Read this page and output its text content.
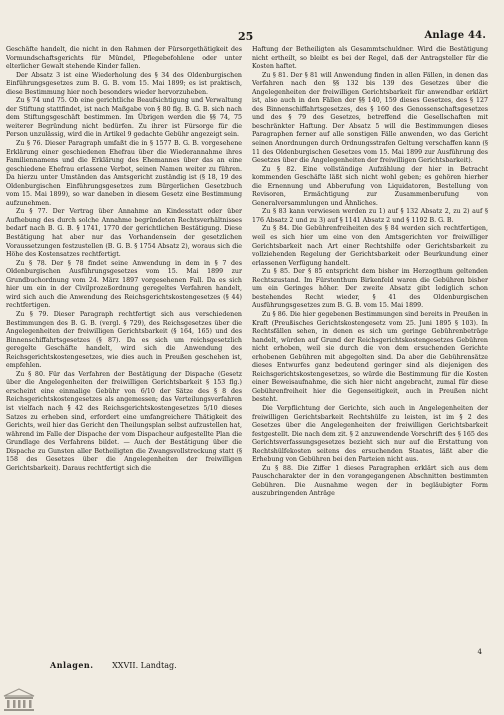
25	Anlage 44.

Geschäfte handelt, die nicht in den Rahmen der Fürsorgethätigkeit des Vormundschaftsgerichts für Mündel, Pflegebefohlene oder unter elterlicher Gewalt stehende Kinder fallen.

Der Absatz 3 ist eine Wiederholung des § 34 des Oldenburgischen Einführungsgesetzes zum B. G. B. vom 15. Mai 1899; es ist praktisch, diese Bestimmung hier noch besonders wieder hervorzuheben.

Zu § 74 und 75. Ob eine gerichtliche Beaufsichtigung und Verwaltung der Stiftung stattfindet, ist nach Maßgabe von § 80 flg. B. G. B. sich nach dem Stiftungsgeschäft bestimmen. Im Übrigen werden die §§ 74, 75 weiterer Begründung nicht bedürfen. Zu ihrer ist Fürsorge für die Person unzulässig, wird die in Artikel 9 gedachte Gebühr angezeigt sein.

Zu § 76. Dieser Paragraph umfaßt die in § 1577 B. G. B. vorgesehene Erklärung einer geschiedenen Ehefrau über die Wiederannahme ihres Familiennamens und die Erklärung des Ehemannes über das an eine geschiedene Ehefrau erlassene Verbot, seinen Namen weiter zu führen. Da hierzu unter Umständen das Amtsgericht zuständig ist (§ 18, 19 des Oldenburgischen Einführungsgesetzes zum Bürgerlichen Gesetzbuch vom 15. Mai 1899), so war daneben in diesem Gesetz eine Bestimmung aufzunehmen.

Zu § 77. Der Vertrag über Annahme an Kindesstatt oder über Aufhebung des durch solche Annahme begründeten Rechtsverhältnisses bedarf nach B. G. B. § 1741, 1770 der gerichtlichen Bestätigung. Diese Bestätigung hat aber nur das Vorhandensein der gesetzlichen Voraussetzungen festzustellen (B. G. B. § 1754 Absatz 2), woraus sich die Höhe des Kostensatzes rechtfertigt.

Zu § 78. Der § 78 findet seine Anwendung in dem in § 7 des Oldenburgischen Ausführungsgesetzes vom 15. Mai 1899 zur Grundbuchordnung vom 24. März 1897 vorgesehenen Fall. Da es sich hier um ein in der Civilprozeßordnung geregeltes Verfahren handelt, wird sich auch die Anwendung des Reichsgerichtskostengesetzes (§ 44) rechtfertigen.

Zu § 79. Dieser Paragraph rechtfertigt sich aus verschiedenen Bestimmungen des B. G. B. (vergl. § 729), des Reichsgesetzes über die Angelegenheiten der freiwilligen Gerichtsbarkeit (§ 164, 165) und des Binnenschiffahrtsgesetzes (§ 87). Da es sich um reichsgesetzlich geregelte Geschäfte handelt, wird sich die Anwendung des Reichsgerichtskostengesetzes, wie dies auch in Preußen geschehen ist, empfehlen.

Zu § 80. Für das Verfahren der Bestätigung der Dispache (Gesetz über die Angelegenheiten der freiwilligen Gerichtsbarkeit § 153 flg.) erscheint eine einmalige Gebühr von 6/10 der Sätze des § 8 des Reichsgerichtskostengesetzes als angemessen; das Verteilungsverfahren ist vielfach nach § 42 des Reichsgerichtskostengesetzes 5/10 dieses Satzes zu erheben sind, erfordert eine umfangreichere Thätigkeit des Gerichts, weil hier das Gericht den Theilungsplan selbst aufzustellen hat, während im Falle der Dispache der vom Dispacheur aufgestellte Plan die Grundlage des Verfahrens bildet. — Auch der Bestätigung über die Dispache zu Gunsten aller Betheiligten die Zwangsvollstreckung statt (§ 158 des Gesetzes über die Angelegenheiten der freiwilligen Gerichtsbarkeit). Daraus rechtfertigt sich die

Haftung der Betheiligten als Gesammtschuldner. Wird die Bestätigung nicht ertheilt, so bleibt es bei der Regel, daß der Antragsteller für die Kosten haftet.

Zu § 81. Der § 81 will Anwendung finden in allen Fällen, in denen das Verfahren nach den §§ 132 bis 139 des Gesetzes über die Angelegenheiten der freiwilligen Gerichtsbarkeit für anwendbar erklärt ist, also auch in den Fällen der §§ 140, 159 dieses Gesetzes, des § 127 des Binnenschiffahrtsgesetzes, des § 160 des Genossenschaftsgesetzes und des § 79 des Gesetzes, betreffend die Gesellschaften mit beschränkter Haftung. Der Absatz 5 will die Bestimmungen dieses Paragraphen ferner auf alle sonstigen Fälle anwenden, wo das Gericht seinen Anordnungen durch Ordnungsstrafen Geltung verschaffen kann (§ 11 des Oldenburgischen Gesetzes vom 15. Mai 1899 zur Ausführung des Gesetzes über die Angelegenheiten der freiwilligen Gerichtsbarkeit).

Zu § 82. Eine vollständige Aufzählung der hier in Betracht kommenden Geschäfte läßt sich nicht wohl geben; es gehören hierher die Ernennung und Abberufung von Liquidatoren, Bestellung von Revisoren, Ermächtigung zur Zusammenberufung von Generalversammlungen und Ähnliches.

Zu § 83 kann verwiesen werden zu 1) auf § 132 Absatz 2, zu 2) auf § 176 Absatz 2 und zu 3) auf § 1141 Absatz 2 und § 1192 B. G. B.

Zu § 84. Die Gebührenfreiheiten des § 84 werden sich rechtfertigen, weil es sich hier um eine von den Amtsgerichten vor freiwilliger Gerichtsbarkeit nach Art einer Rechtshilfe oder Gerichtsbarkeit zu vollziehenden Regelung der Gerichtsbarkeit oder Beurkundung einer erlassenen Verfügung handelt.

Zu § 85. Der § 85 entspricht dem bisher im Herzogthum geltenden Rechtszustand. Im Fürstenthum Birkenfeld waren die Gebühren bisher um ein Geringes höher. Der zweite Absatz gibt lediglich schon bestehendes Recht wieder, § 41 des Oldenburgischen Ausführungsgesetzes zum B. G. B. vom 15. Mai 1899.

Zu § 86. Die hier gegebenen Bestimmungen sind bereits in Preußen in Kraft (Preußisches Gerichtskostengesetz vom 25. Juni 1895 § 103). In Rechtsfällen sehen, in denen es sich um geringe Gebührenbeträge handelt, würden auf Grund der Reichsgerichtskostengesetzes Gebühren nicht erhoben, weil sie durch die von dem ersuchenden Gerichte erhobenen Gebühren mit abgegolten sind. Da aber die Gebührensätze dieses Entwurfes ganz bedeutend geringer sind als diejenigen des Reichsgerichtskostengesetzes, so würde die Bestimmung für die Kosten einer Beweisaufnahme, die sich hier nicht angebracht, zumal für diese Gebührenfreiheit hier die Gegenseitigkeit, auch in Preußen nicht besteht.

Die Verpflichtung der Gerichte, sich auch in Angelegenheiten der freiwilligen Gerichtsbarkeit Rechtshülfe zu leisten, ist im § 2 des Gesetzes über die Angelegenheiten der freiwilligen Gerichtsbarkeit festgestellt. Die nach dem zit. § 2 anzuwendende Vorschrift des § 165 des Gerichtsverfassungsgesetzes bezieht sich nur auf die Erstattung von Rechtshülfekosten seitens des ersuchenden Staates, läßt aber die Erhebung von Gebühren bei den Parteien nicht aus.

Zu § 88. Die Ziffer 1 dieses Paragraphen erklärt sich aus dem Pauschcharakter der in den vorangegangenen Abschnitten bestimmten Gebühren. Die Ausnahme wegen der in begläubigter Form auszubringenden Anträge

4
Anlagen. XXVII. Landtag.
